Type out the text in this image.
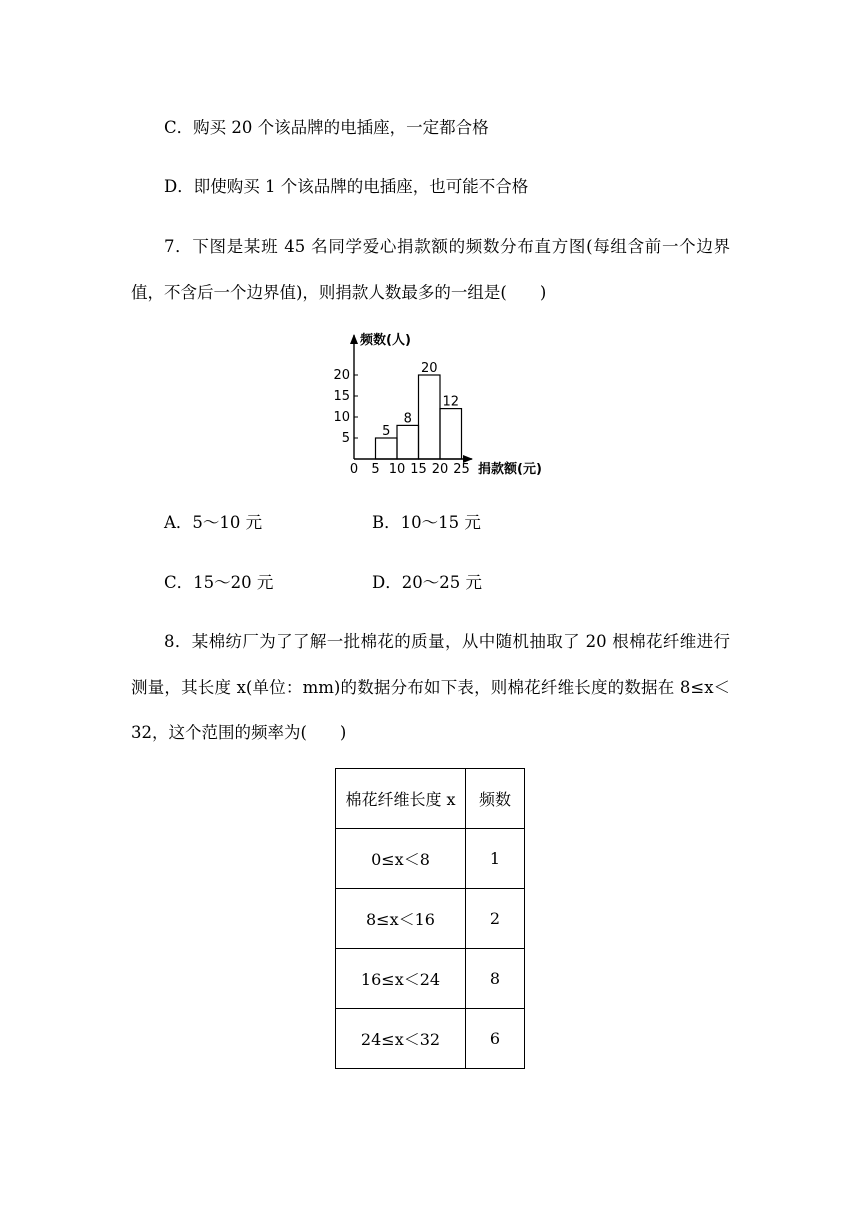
C．购买 20 个该品牌的电插座，一定都合格
D．即使购买 1 个该品牌的电插座，也可能不合格
7．下图是某班 45 名同学爱心捐款额的频数分布直方图(每组含前一个边界
值，不含后一个边界值)，则捐款人数最多的一组是(　　)
频数(人)
捐款额(元)
0 5 10 15 20 25
5
10
15
20
5
8
20
12
A．5～10 元	B．10～15 元
C．15～20 元	D．20～25 元
8．某棉纺厂为了了解一批棉花的质量，从中随机抽取了 20 根棉花纤维进行
测量，其长度 x(单位：mm)的数据分布如下表，则棉花纤维长度的数据在 8≤x＜
32，这个范围的频率为(　　)
棉花纤维长度 x	频数
0≤x＜8	1
8≤x＜16	2
16≤x＜24	8
24≤x＜32	6
